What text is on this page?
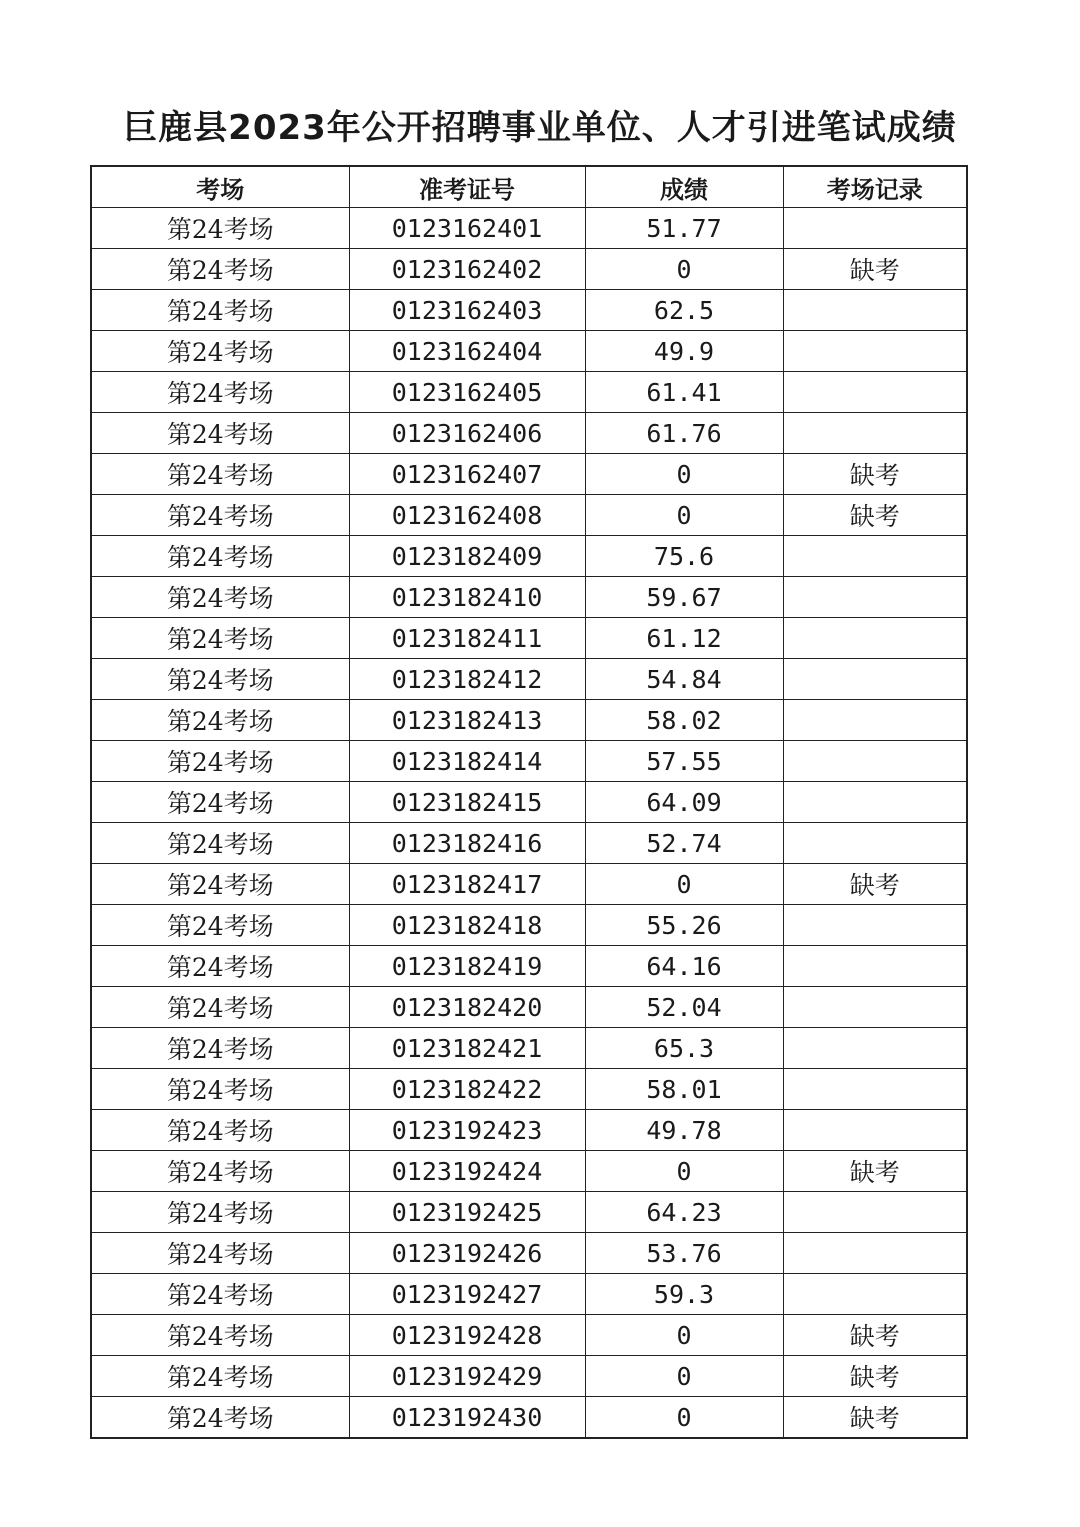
巨鹿县2023年公开招聘事业单位、人才引进笔试成绩
考场	准考证号	成绩	考场记录
第24考场	0123162401	51.77	
第24考场	0123162402	0	缺考
第24考场	0123162403	62.5	
第24考场	0123162404	49.9	
第24考场	0123162405	61.41	
第24考场	0123162406	61.76	
第24考场	0123162407	0	缺考
第24考场	0123162408	0	缺考
第24考场	0123182409	75.6	
第24考场	0123182410	59.67	
第24考场	0123182411	61.12	
第24考场	0123182412	54.84	
第24考场	0123182413	58.02	
第24考场	0123182414	57.55	
第24考场	0123182415	64.09	
第24考场	0123182416	52.74	
第24考场	0123182417	0	缺考
第24考场	0123182418	55.26	
第24考场	0123182419	64.16	
第24考场	0123182420	52.04	
第24考场	0123182421	65.3	
第24考场	0123182422	58.01	
第24考场	0123192423	49.78	
第24考场	0123192424	0	缺考
第24考场	0123192425	64.23	
第24考场	0123192426	53.76	
第24考场	0123192427	59.3	
第24考场	0123192428	0	缺考
第24考场	0123192429	0	缺考
第24考场	0123192430	0	缺考
